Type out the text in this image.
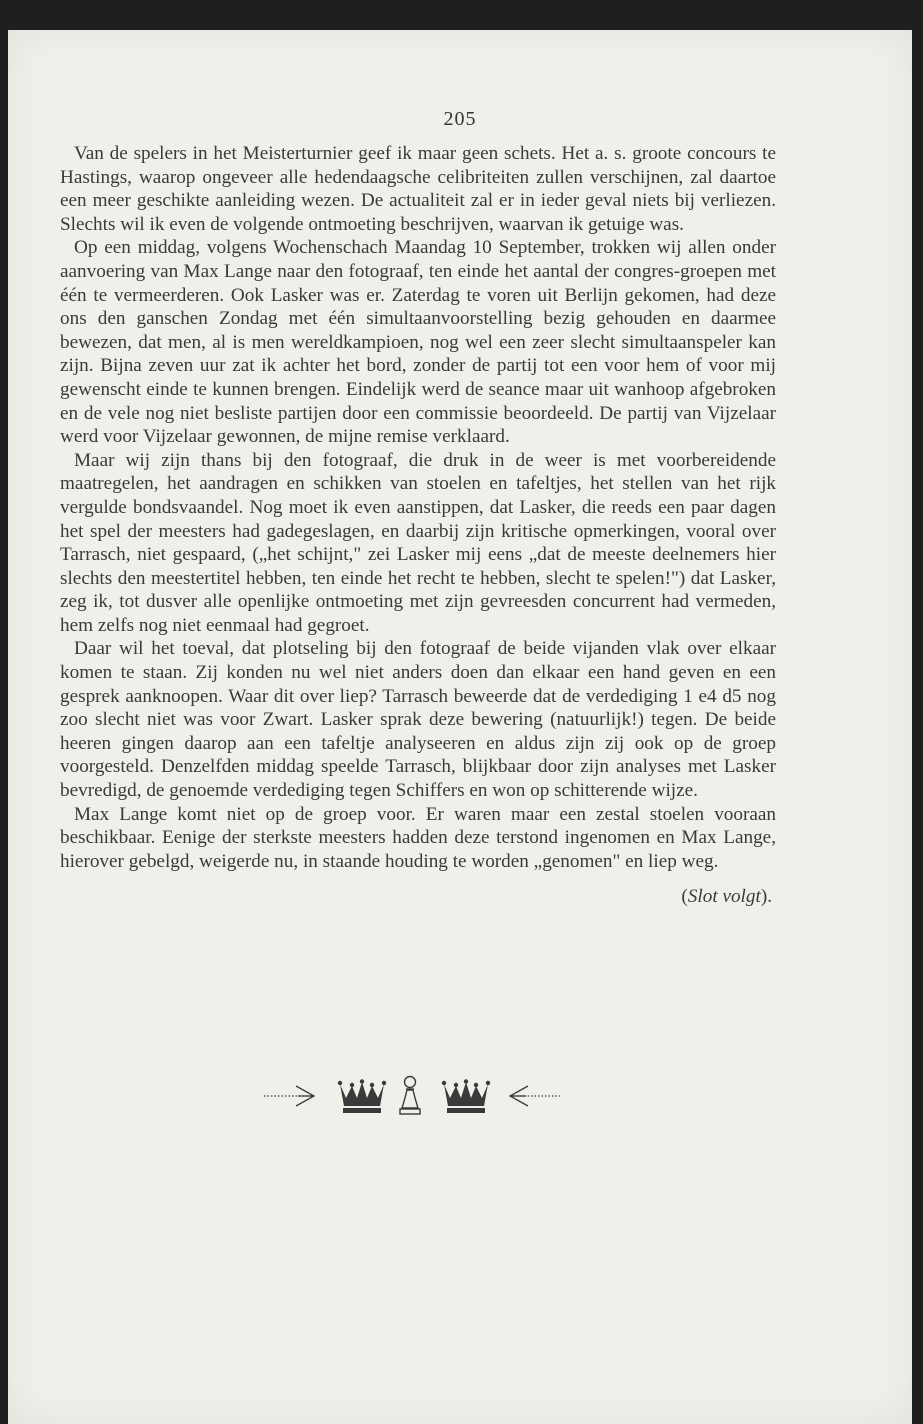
205

Van de spelers in het Meisterturnier geef ik maar geen schets. Het a. s. groote concours te Hastings, waarop ongeveer alle hedendaagsche celibriteiten zullen verschijnen, zal daartoe een meer geschikte aanleiding wezen. De actualiteit zal er in ieder geval niets bij verliezen. Slechts wil ik even de volgende ontmoeting beschrijven, waarvan ik getuige was.

Op een middag, volgens Wochenschach Maandag 10 September, trokken wij allen onder aanvoering van Max Lange naar den fotograaf, ten einde het aantal der congres-groepen met één te vermeerderen. Ook Lasker was er. Zaterdag te voren uit Berlijn gekomen, had deze ons den ganschen Zondag met één simultaanvoorstelling bezig gehouden en daarmee bewezen, dat men, al is men wereldkampioen, nog wel een zeer slecht simultaanspeler kan zijn. Bijna zeven uur zat ik achter het bord, zonder de partij tot een voor hem of voor mij gewenscht einde te kunnen brengen. Eindelijk werd de seance maar uit wanhoop afgebroken en de vele nog niet besliste partijen door een commissie beoordeeld. De partij van Vijzelaar werd voor Vijzelaar gewonnen, de mijne remise verklaard.

Maar wij zijn thans bij den fotograaf, die druk in de weer is met voorbereidende maatregelen, het aandragen en schikken van stoelen en tafeltjes, het stellen van het rijk vergulde bondsvaandel. Nog moet ik even aanstippen, dat Lasker, die reeds een paar dagen het spel der meesters had gadegeslagen, en daarbij zijn kritische opmerkingen, vooral over Tarrasch, niet gespaard, („het schijnt," zei Lasker mij eens „dat de meeste deelnemers hier slechts den meestertitel hebben, ten einde het recht te hebben, slecht te spelen!") dat Lasker, zeg ik, tot dusver alle openlijke ontmoeting met zijn gevreesden concurrent had vermeden, hem zelfs nog niet eenmaal had gegroet.

Daar wil het toeval, dat plotseling bij den fotograaf de beide vijanden vlak over elkaar komen te staan. Zij konden nu wel niet anders doen dan elkaar een hand geven en een gesprek aanknoopen. Waar dit over liep? Tarrasch beweerde dat de verdediging 1 e4 d5 nog zoo slecht niet was voor Zwart. Lasker sprak deze bewering (natuurlijk!) tegen. De beide heeren gingen daarop aan een tafeltje analyseeren en aldus zijn zij ook op de groep voorgesteld. Denzelfden middag speelde Tarrasch, blijkbaar door zijn analyses met Lasker bevredigd, de genoemde verdediging tegen Schiffers en won op schitterende wijze.

Max Lange komt niet op de groep voor. Er waren maar een zestal stoelen vooraan beschikbaar. Eenige der sterkste meesters hadden deze terstond ingenomen en Max Lange, hierover gebelgd, weigerde nu, in staande houding te worden „genomen" en liep weg.

(Slot volgt).
